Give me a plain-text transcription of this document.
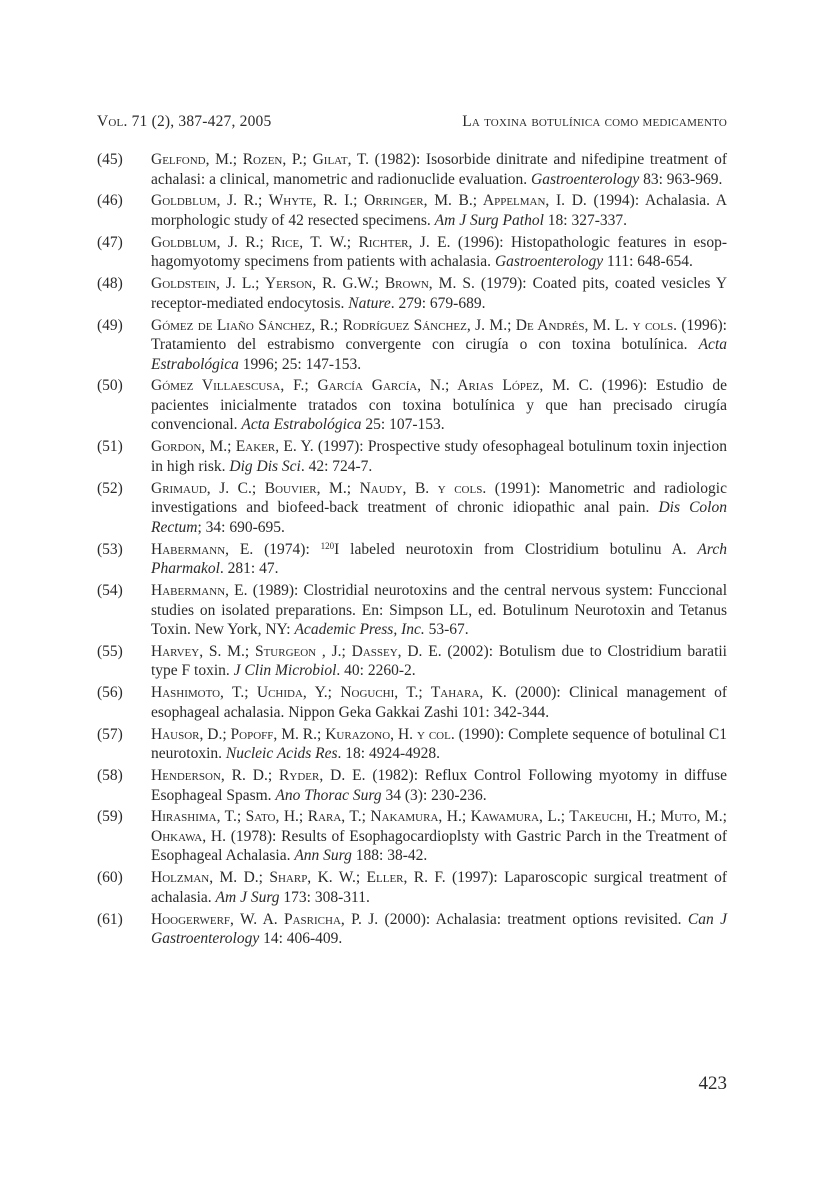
Vol. 71 (2), 387-427, 2005	La toxina botulínica como medicamento
(45)	Gelfond, M.; Rozen, P.; Gilat, T. (1982): Isosorbide dinitrate and nifedipine treatment of achalasi: a clinical, manometric and radionuclide evaluation. Gastroenterology 83: 963-969.
(46)	Goldblum, J. R.; Whyte, R. I.; Orringer, M. B.; Appelman, I. D. (1994): Achalasia. A morphologic study of 42 resected specimens. Am J Surg Pathol 18: 327-337.
(47)	Goldblum, J. R.; Rice, T. W.; Richter, J. E. (1996): Histopathologic features in esop-hagomyotomy specimens from patients with achalasia. Gastroenterology 111: 648-654.
(48)	Goldstein, J. L.; Yerson, R. G.W.; Brown, M. S. (1979): Coated pits, coated vesicles Y receptor-mediated endocytosis. Nature. 279: 679-689.
(49)	Gómez de Liaño Sánchez, R.; Rodríguez Sánchez, J. M.; De Andrés, M. L. y cols. (1996): Tratamiento del estrabismo convergente con cirugía o con toxina botulínica. Acta Estrabológica 1996; 25: 147-153.
(50)	Gómez Villaescusa, F.; García García, N.; Arias López, M. C. (1996): Estudio de pacientes inicialmente tratados con toxina botulínica y que han precisado cirugía convencional. Acta Estrabológica 25: 107-153.
(51)	Gordon, M.; Eaker, E. Y. (1997): Prospective study ofesophageal botulinum toxin injection in high risk. Dig Dis Sci. 42: 724-7.
(52)	Grimaud, J. C.; Bouvier, M.; Naudy, B. y cols. (1991): Manometric and radiologic investigations and biofeed-back treatment of chronic idiopathic anal pain. Dis Colon Rectum; 34: 690-695.
(53)	Habermann, E. (1974): $^{120}$I labeled neurotoxin from Clostridium botulinu A. Arch Pharmakol. 281: 47.
(54)	Habermann, E. (1989): Clostridial neurotoxins and the central nervous system: Funccional studies on isolated preparations. En: Simpson LL, ed. Botulinum Neurotoxin and Tetanus Toxin. New York, NY: Academic Press, Inc. 53-67.
(55)	Harvey, S. M.; Sturgeon , J.; Dassey, D. E. (2002): Botulism due to Clostridium baratii type F toxin. J Clin Microbiol. 40: 2260-2.
(56)	Hashimoto, T.; Uchida, Y.; Noguchi, T.; Tahara, K. (2000): Clinical management of esophageal achalasia. Nippon Geka Gakkai Zashi 101: 342-344.
(57)	Hausor, D.; Popoff, M. R.; Kurazono, H. y col. (1990): Complete sequence of botulinal C1 neurotoxin. Nucleic Acids Res. 18: 4924-4928.
(58)	Henderson, R. D.; Ryder, D. E. (1982): Reflux Control Following myotomy in diffuse Esophageal Spasm. Ano Thorac Surg 34 (3): 230-236.
(59)	Hirashima, T.; Sato, H.; Rara, T.; Nakamura, H.; Kawamura, L.; Takeuchi, H.; Muto, M.; Ohkawa, H. (1978): Results of Esophagocardioplsty with Gastric Parch in the Treatment of Esophageal Achalasia. Ann Surg 188: 38-42.
(60)	Holzman, M. D.; Sharp, K. W.; Eller, R. F. (1997): Laparoscopic surgical treatment of achalasia. Am J Surg 173: 308-311.
(61)	Hoogerwerf, W. A. Pasricha, P. J. (2000): Achalasia: treatment options revisited. Can J Gastroenterology 14: 406-409.
423
